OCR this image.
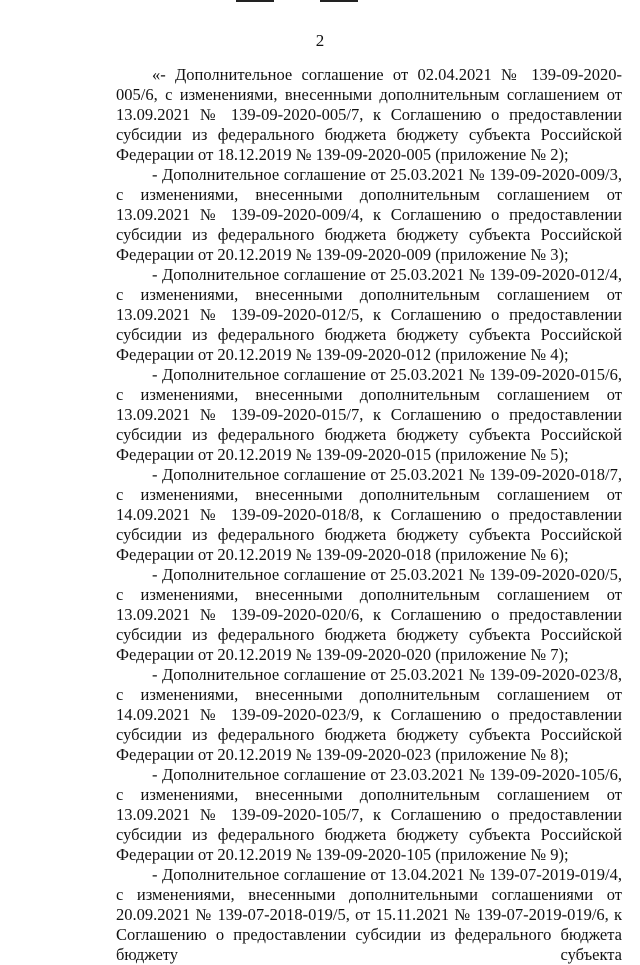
2

«- Дополнительное соглашение от 02.04.2021 № 139-09-2020-005/6, с изменениями, внесенными дополнительным соглашением от 13.09.2021 № 139-09-2020-005/7, к Соглашению о предоставлении субсидии из федерального бюджета бюджету субъекта Российской Федерации от 18.12.2019 № 139-09-2020-005 (приложение № 2);

- Дополнительное соглашение от 25.03.2021 № 139-09-2020-009/3, с изменениями, внесенными дополнительным соглашением от 13.09.2021 № 139-09-2020-009/4, к Соглашению о предоставлении субсидии из федерального бюджета бюджету субъекта Российской Федерации от 20.12.2019 № 139-09-2020-009 (приложение № 3);

- Дополнительное соглашение от 25.03.2021 № 139-09-2020-012/4, с изменениями, внесенными дополнительным соглашением от 13.09.2021 № 139-09-2020-012/5, к Соглашению о предоставлении субсидии из федерального бюджета бюджету субъекта Российской Федерации от 20.12.2019 № 139-09-2020-012 (приложение № 4);

- Дополнительное соглашение от 25.03.2021 № 139-09-2020-015/6, с изменениями, внесенными дополнительным соглашением от 13.09.2021 № 139-09-2020-015/7, к Соглашению о предоставлении субсидии из федерального бюджета бюджету субъекта Российской Федерации от 20.12.2019 № 139-09-2020-015 (приложение № 5);

- Дополнительное соглашение от 25.03.2021 № 139-09-2020-018/7, с изменениями, внесенными дополнительным соглашением от 14.09.2021 № 139-09-2020-018/8, к Соглашению о предоставлении субсидии из федерального бюджета бюджету субъекта Российской Федерации от 20.12.2019 № 139-09-2020-018 (приложение № 6);

- Дополнительное соглашение от 25.03.2021 № 139-09-2020-020/5, с изменениями, внесенными дополнительным соглашением от 13.09.2021 № 139-09-2020-020/6, к Соглашению о предоставлении субсидии из федерального бюджета бюджету субъекта Российской Федерации от 20.12.2019 № 139-09-2020-020 (приложение № 7);

- Дополнительное соглашение от 25.03.2021 № 139-09-2020-023/8, с изменениями, внесенными дополнительным соглашением от 14.09.2021 № 139-09-2020-023/9, к Соглашению о предоставлении субсидии из федерального бюджета бюджету субъекта Российской Федерации от 20.12.2019 № 139-09-2020-023 (приложение № 8);

- Дополнительное соглашение от 23.03.2021 № 139-09-2020-105/6, с изменениями, внесенными дополнительным соглашением от 13.09.2021 № 139-09-2020-105/7, к Соглашению о предоставлении субсидии из федерального бюджета бюджету субъекта Российской Федерации от 20.12.2019 № 139-09-2020-105 (приложение № 9);

- Дополнительное соглашение от 13.04.2021 № 139-07-2019-019/4, с изменениями, внесенными дополнительными соглашениями от 20.09.2021 № 139-07-2018-019/5, от 15.11.2021 № 139-07-2019-019/6, к Соглашению о предоставлении субсидии из федерального бюджета бюджету субъекта
